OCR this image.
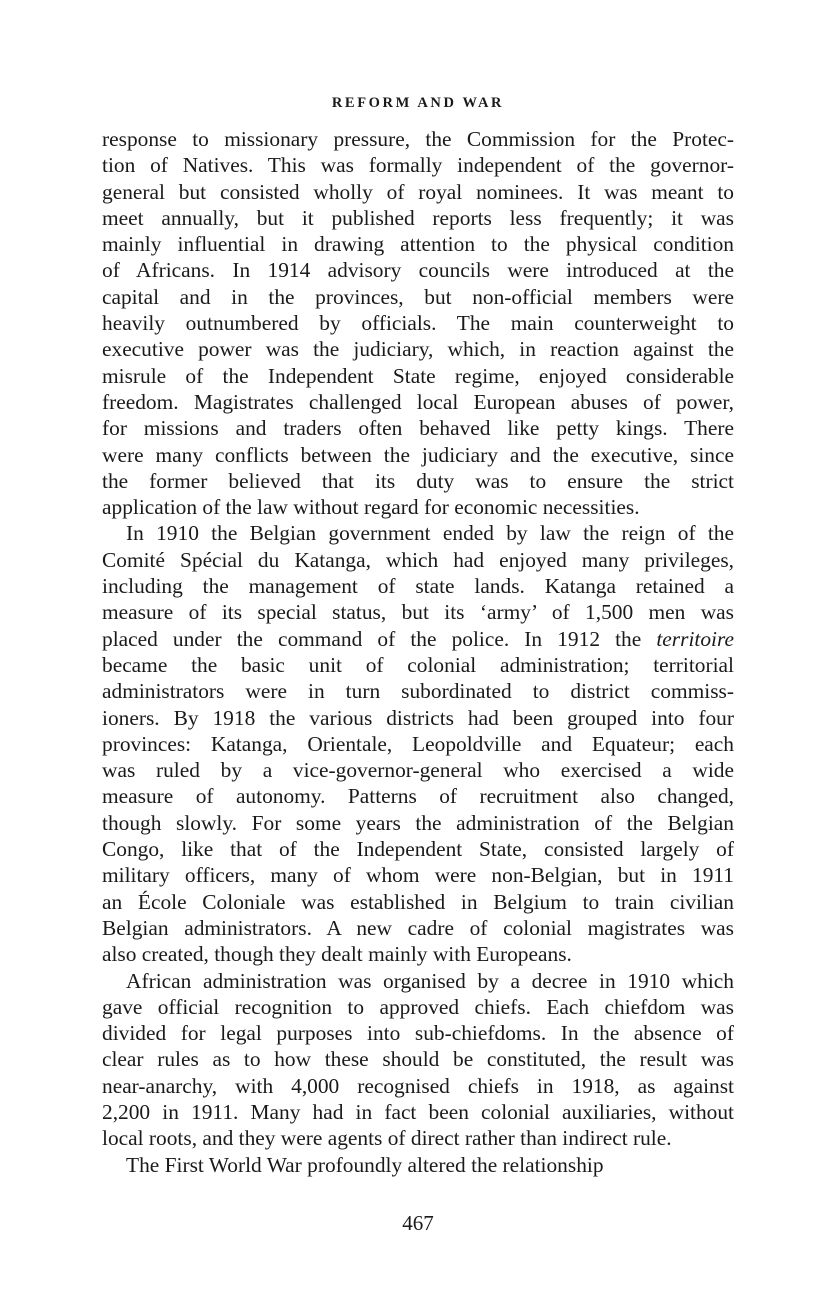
REFORM AND WAR
response to missionary pressure, the Commission for the Protec-
tion of Natives. This was formally independent of the governor-
general but consisted wholly of royal nominees. It was meant to
meet annually, but it published reports less frequently; it was
mainly influential in drawing attention to the physical condition
of Africans. In 1914 advisory councils were introduced at the
capital and in the provinces, but non-official members were
heavily outnumbered by officials. The main counterweight to
executive power was the judiciary, which, in reaction against the
misrule of the Independent State regime, enjoyed considerable
freedom. Magistrates challenged local European abuses of power,
for missions and traders often behaved like petty kings. There
were many conflicts between the judiciary and the executive, since
the former believed that its duty was to ensure the strict
application of the law without regard for economic necessities.
In 1910 the Belgian government ended by law the reign of the
Comité Spécial du Katanga, which had enjoyed many privileges,
including the management of state lands. Katanga retained a
measure of its special status, but its ‘army’ of 1,500 men was
placed under the command of the police. In 1912 the territoire
became the basic unit of colonial administration; territorial
administrators were in turn subordinated to district commiss-
ioners. By 1918 the various districts had been grouped into four
provinces: Katanga, Orientale, Leopoldville and Equateur; each
was ruled by a vice-governor-general who exercised a wide
measure of autonomy. Patterns of recruitment also changed,
though slowly. For some years the administration of the Belgian
Congo, like that of the Independent State, consisted largely of
military officers, many of whom were non-Belgian, but in 1911
an École Coloniale was established in Belgium to train civilian
Belgian administrators. A new cadre of colonial magistrates was
also created, though they dealt mainly with Europeans.
African administration was organised by a decree in 1910 which
gave official recognition to approved chiefs. Each chiefdom was
divided for legal purposes into sub-chiefdoms. In the absence of
clear rules as to how these should be constituted, the result was
near-anarchy, with 4,000 recognised chiefs in 1918, as against
2,200 in 1911. Many had in fact been colonial auxiliaries, without
local roots, and they were agents of direct rather than indirect rule.
The First World War profoundly altered the relationship
467
